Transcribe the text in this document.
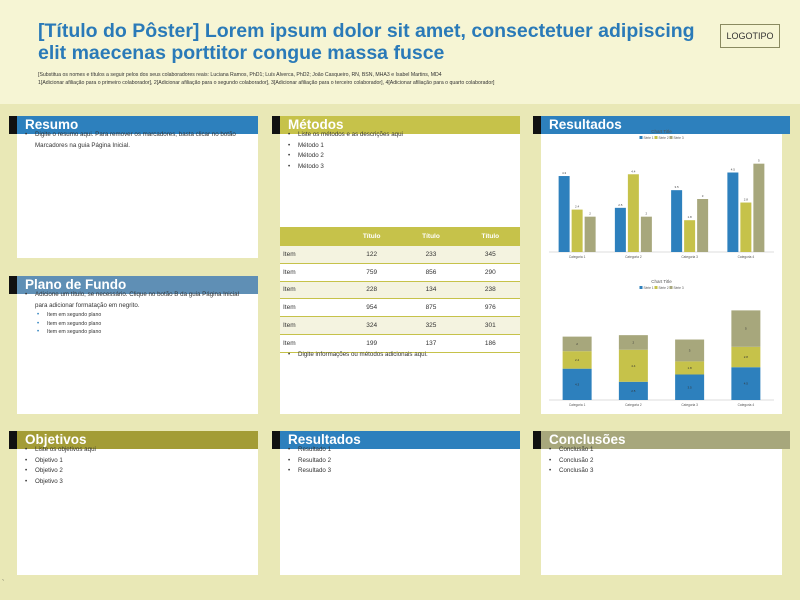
[Título do Pôster] Lorem ipsum dolor sit amet, consectetuer adipiscing elit maecenas porttitor congue massa fusce
LOGOTIPO
[Substitua os nomes e títulos a seguir pelos dos seus colaboradores reais: Luciana Ramos, PhD1; Luís Alverca, PhD2; João Casqueiro, RN, BSN, MHA3 e Isabel Martins, MD4
1[Adicionar afiliação para o primeiro colaborador], 2[Adicionar afiliação para o segundo colaborador], 3[Adicionar afiliação para o terceiro colaborador], 4[Adicionar afiliação para o quarto colaborador]
Resumo
• Digite o resumo aqui. Para remover os marcadores, basta clicar no botão Marcadores na guia Página Inicial.
Plano de Fundo
• Adicione um título, se necessário. Clique no botão B da guia Página Inicial para adicionar formatação em negrito.
• Item em segundo plano
• Item em segundo plano
• Item em segundo plano
Objetivos
• Liste os objetivos aqui
• Objetivo 1
• Objetivo 2
• Objetivo 3
Métodos
• Liste os métodos e as descrições aqui
• Método 1
• Método 2
• Método 3
	Título	Título	Título
Item	122	233	345
Item	759	856	290
Item	228	134	238
Item	954	875	976
Item	324	325	301
Item	199	137	186
• Digite informações ou métodos adicionais aqui.
Resultados
• Resultado 1
• Resultado 2
• Resultado 3
Resultados	Chart Title
Série 1 Série 2 Série 3
4.3
2.4
2
Categoria 1
2.5
4.4
2
Categoria 2
3.5
1.8
3
Categoria 3
4.5
2.8
5
Categoria 4
Chart Title
Série 1 Série 2 Série 3
4.3
2.4
2
Categoria 1
2.5
4.4
2
Categoria 2
3.5
1.8
3
Categoria 3
4.5
2.8
5
Categoria 4
Conclusões
• Conclusão 1
• Conclusão 2
• Conclusão 3
`
